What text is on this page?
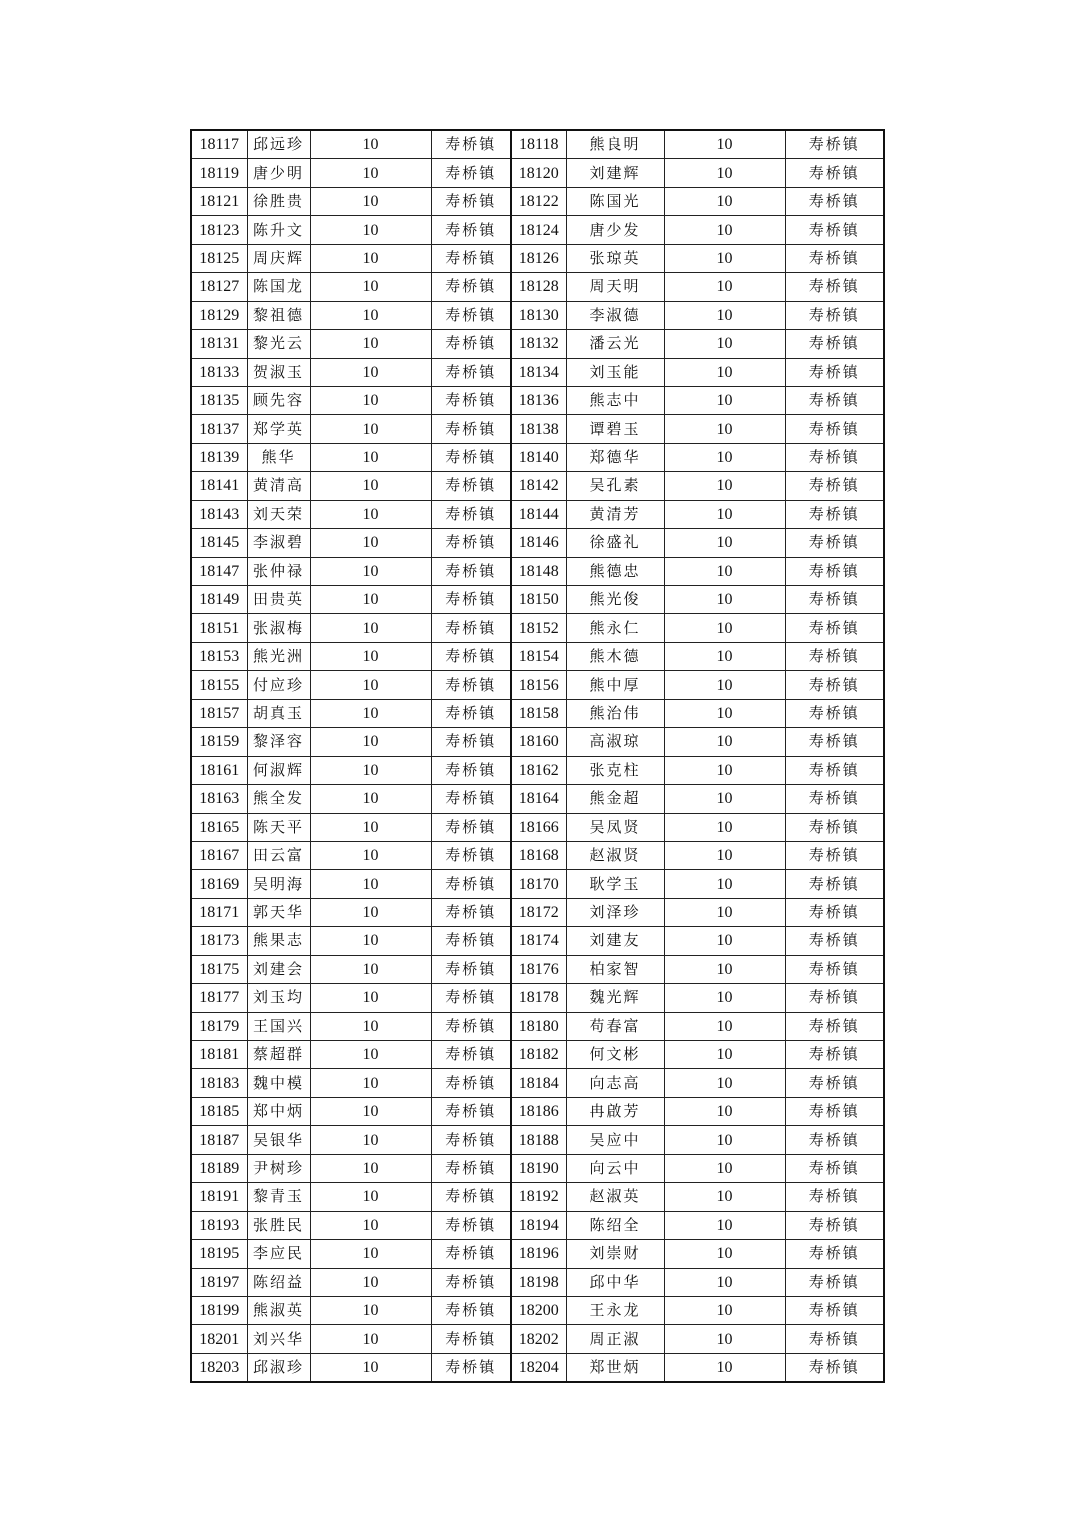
18117	邱远珍	10	寿桥镇	18118	熊良明	10	寿桥镇
18119	唐少明	10	寿桥镇	18120	刘建辉	10	寿桥镇
18121	徐胜贵	10	寿桥镇	18122	陈国光	10	寿桥镇
18123	陈升文	10	寿桥镇	18124	唐少发	10	寿桥镇
18125	周庆辉	10	寿桥镇	18126	张琼英	10	寿桥镇
18127	陈国龙	10	寿桥镇	18128	周天明	10	寿桥镇
18129	黎祖德	10	寿桥镇	18130	李淑德	10	寿桥镇
18131	黎光云	10	寿桥镇	18132	潘云光	10	寿桥镇
18133	贺淑玉	10	寿桥镇	18134	刘玉能	10	寿桥镇
18135	顾先容	10	寿桥镇	18136	熊志中	10	寿桥镇
18137	郑学英	10	寿桥镇	18138	谭碧玉	10	寿桥镇
18139	熊华	10	寿桥镇	18140	郑德华	10	寿桥镇
18141	黄清高	10	寿桥镇	18142	吴孔素	10	寿桥镇
18143	刘天荣	10	寿桥镇	18144	黄清芳	10	寿桥镇
18145	李淑碧	10	寿桥镇	18146	徐盛礼	10	寿桥镇
18147	张仲禄	10	寿桥镇	18148	熊德忠	10	寿桥镇
18149	田贵英	10	寿桥镇	18150	熊光俊	10	寿桥镇
18151	张淑梅	10	寿桥镇	18152	熊永仁	10	寿桥镇
18153	熊光洲	10	寿桥镇	18154	熊木德	10	寿桥镇
18155	付应珍	10	寿桥镇	18156	熊中厚	10	寿桥镇
18157	胡真玉	10	寿桥镇	18158	熊治伟	10	寿桥镇
18159	黎泽容	10	寿桥镇	18160	高淑琼	10	寿桥镇
18161	何淑辉	10	寿桥镇	18162	张克柱	10	寿桥镇
18163	熊全发	10	寿桥镇	18164	熊金超	10	寿桥镇
18165	陈天平	10	寿桥镇	18166	吴凤贤	10	寿桥镇
18167	田云富	10	寿桥镇	18168	赵淑贤	10	寿桥镇
18169	吴明海	10	寿桥镇	18170	耿学玉	10	寿桥镇
18171	郭天华	10	寿桥镇	18172	刘泽珍	10	寿桥镇
18173	熊果志	10	寿桥镇	18174	刘建友	10	寿桥镇
18175	刘建会	10	寿桥镇	18176	柏家智	10	寿桥镇
18177	刘玉均	10	寿桥镇	18178	魏光辉	10	寿桥镇
18179	王国兴	10	寿桥镇	18180	苟春富	10	寿桥镇
18181	蔡超群	10	寿桥镇	18182	何文彬	10	寿桥镇
18183	魏中模	10	寿桥镇	18184	向志高	10	寿桥镇
18185	郑中炳	10	寿桥镇	18186	冉啟芳	10	寿桥镇
18187	吴银华	10	寿桥镇	18188	吴应中	10	寿桥镇
18189	尹树珍	10	寿桥镇	18190	向云中	10	寿桥镇
18191	黎青玉	10	寿桥镇	18192	赵淑英	10	寿桥镇
18193	张胜民	10	寿桥镇	18194	陈绍全	10	寿桥镇
18195	李应民	10	寿桥镇	18196	刘崇财	10	寿桥镇
18197	陈绍益	10	寿桥镇	18198	邱中华	10	寿桥镇
18199	熊淑英	10	寿桥镇	18200	王永龙	10	寿桥镇
18201	刘兴华	10	寿桥镇	18202	周正淑	10	寿桥镇
18203	邱淑珍	10	寿桥镇	18204	郑世炳	10	寿桥镇
